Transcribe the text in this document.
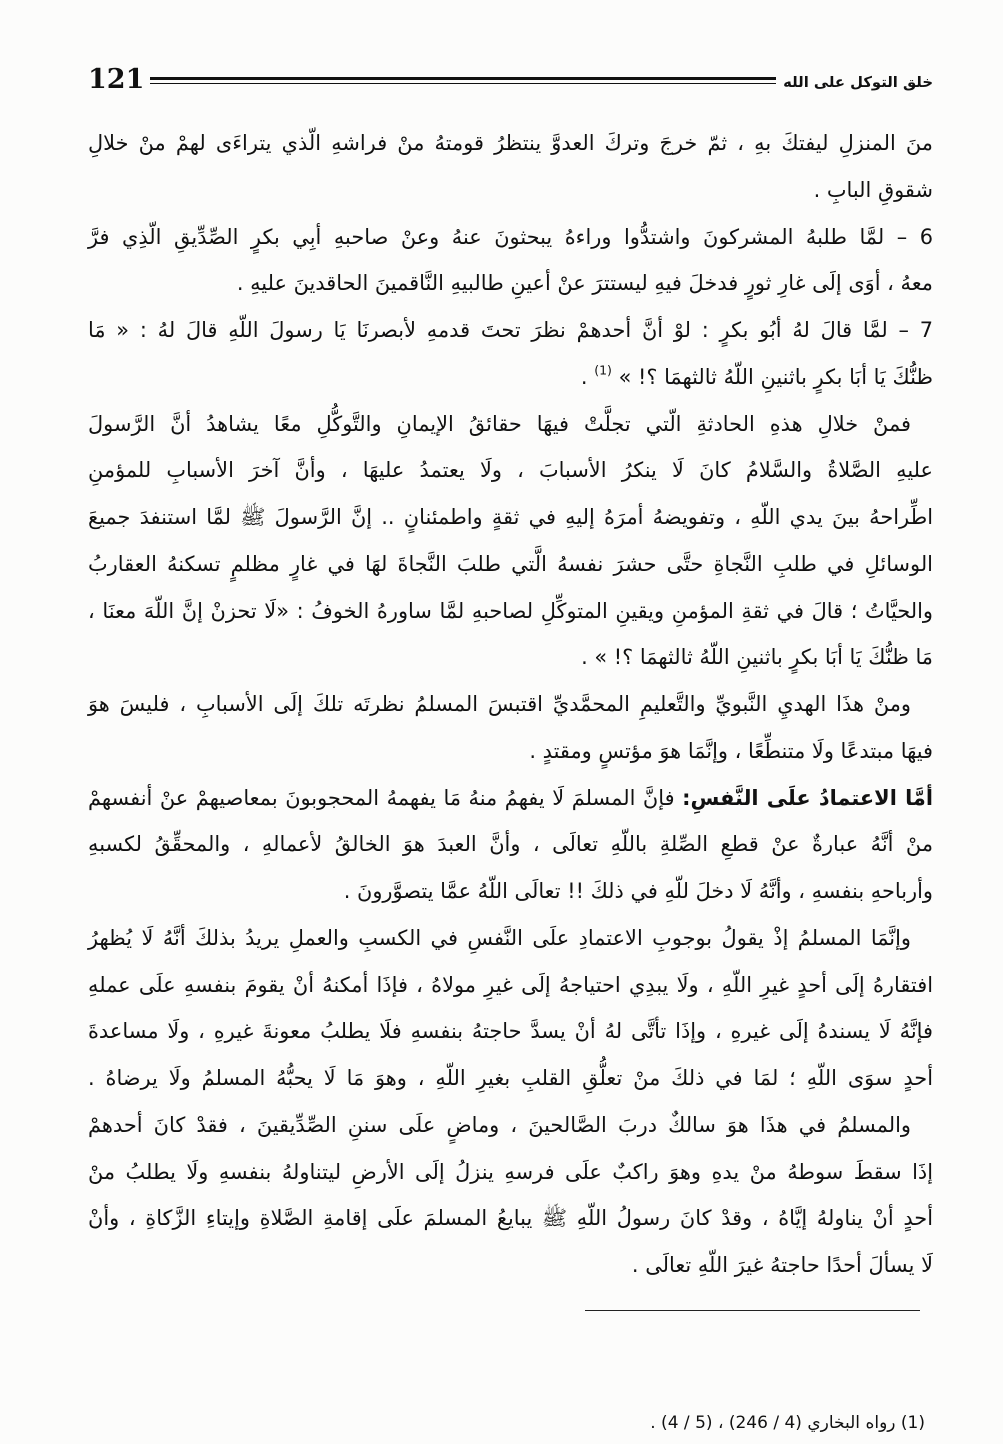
121	خلق التوكل على الله
منَ المنزلِ ليفتكَ بهِ ، ثمّ خرجَ وتركَ العدوَّ ينتظرُ قومتهُ منْ فراشهِ الّذي يتراءَى لهمْ منْ خلالِ
شقوقِ البابِ .
6 – لمَّا طلبهُ المشركونَ واشتدُّوا وراءهُ يبحثونَ عنهُ وعنْ صاحبهِ أبِي بكرٍ الصِّدِّيقِ الّذِي فرَّ
معهُ ، أوَى إلَى غارِ ثورٍ فدخلَ فيهِ ليستترَ عنْ أعينِ طالبيهِ النَّاقمينَ الحاقدينَ عليهِ .
7 – لمَّا قالَ لهُ أبُو بكرٍ : لوْ أنَّ أحدهمْ نظرَ تحتَ قدمهِ لأبصرنَا يَا رسولَ اللّهِ قالَ لهُ : « مَا
ظنُّكَ يَا أبَا بكرٍ باثنينِ اللّهُ ثالثهمَا ؟! » $^{(1)}$ .
فمنْ خلالِ هذهِ الحادثةِ الّتي تجلَّتْ فيهَا حقائقُ الإيمانِ والتَّوكُّلِ معًا يشاهدُ أنَّ الرَّسولَ
عليهِ الصَّلاةُ والسَّلامُ كانَ لَا ينكرُ الأسبابَ ، ولَا يعتمدُ عليهَا ، وأنَّ آخرَ الأسبابِ للمؤمنِ
اطِّراحهُ بينَ يدي اللّهِ ، وتفويضهُ أمرَهُ إليهِ في ثقةٍ واطمئنانٍ .. إنَّ الرَّسولَ ﷺ لمَّا استنفدَ جميعَ
الوسائلِ في طلبِ النَّجاةِ حتَّى حشرَ نفسهُ الَّتي طلبَ النَّجاةَ لهَا في غارٍ مظلمٍ تسكنهُ العقاربُ
والحيَّاتُ ؛ قالَ في ثقةِ المؤمنِ ويقينِ المتوكِّلِ لصاحبهِ لمَّا ساورهُ الخوفُ : «لَا تحزنْ إنَّ اللّهَ معنَا ،
مَا ظنُّكَ يَا أبَا بكرٍ باثنينِ اللّهُ ثالثهمَا ؟! » .
ومنْ هذَا الهديِ النَّبويِّ والتَّعليمِ المحمَّديِّ اقتبسَ المسلمُ نظرتَه تلكَ إلَى الأسبابِ ، فليسَ هوَ
فيهَا مبتدعًا ولَا متنطِّعًا ، وإنَّمَا هوَ مؤتسٍ ومقتدٍ .
أمَّا الاعتمادُ علَى النَّفسِ: فإنَّ المسلمَ لَا يفهمُ منهُ مَا يفهمهُ المحجوبونَ بمعاصيهمْ عنْ أنفسهمْ
منْ أنَّهُ عبارةٌ عنْ قطعِ الصِّلةِ باللّهِ تعالَى ، وأنَّ العبدَ هوَ الخالقُ لأعمالهِ ، والمحقِّقُ لكسبهِ
وأرباحهِ بنفسهِ ، وأنَّهُ لَا دخلَ للّهِ في ذلكَ !! تعالَى اللّهُ عمَّا يتصوَّرونَ .
وإنَّمَا المسلمُ إذْ يقولُ بوجوبِ الاعتمادِ علَى النَّفسِ في الكسبِ والعملِ يريدُ بذلكَ أنَّهُ لَا يُظهرُ
افتقارهُ إلَى أحدٍ غيرِ اللّهِ ، ولَا يبدِي احتياجهُ إلَى غيرِ مولاهُ ، فإذَا أمكنهُ أنْ يقومَ بنفسهِ علَى عملهِ
فإنَّهُ لَا يسندهُ إلَى غيرهِ ، وإذَا تأتَّى لهُ أنْ يسدَّ حاجتهُ بنفسهِ فلَا يطلبُ معونةَ غيرهِ ، ولَا مساعدةَ
أحدٍ سوَى اللّهِ ؛ لمَا في ذلكَ منْ تعلُّقِ القلبِ بغيرِ اللّهِ ، وهوَ مَا لَا يحبُّهُ المسلمُ ولَا يرضاهُ .
والمسلمُ في هذَا هوَ سالكٌ دربَ الصَّالحينَ ، وماضٍ علَى سننِ الصِّدِّيقينَ ، فقدْ كانَ أحدهمْ
إذَا سقطَ سوطهُ منْ يدهِ وهوَ راكبٌ علَى فرسهِ ينزلُ إلَى الأرضِ ليتناولهُ بنفسهِ ولَا يطلبُ منْ
أحدٍ أنْ يناولهُ إيَّاهُ ، وقدْ كانَ رسولُ اللّهِ ﷺ يبايعُ المسلمَ علَى إقامةِ الصَّلاةِ وإيتاءِ الزَّكاةِ ، وأنْ
لَا يسألَ أحدًا حاجتهُ غيرَ اللّهِ تعالَى .
(1) رواه البخاري (4 / 246) ، (5 / 4) .
